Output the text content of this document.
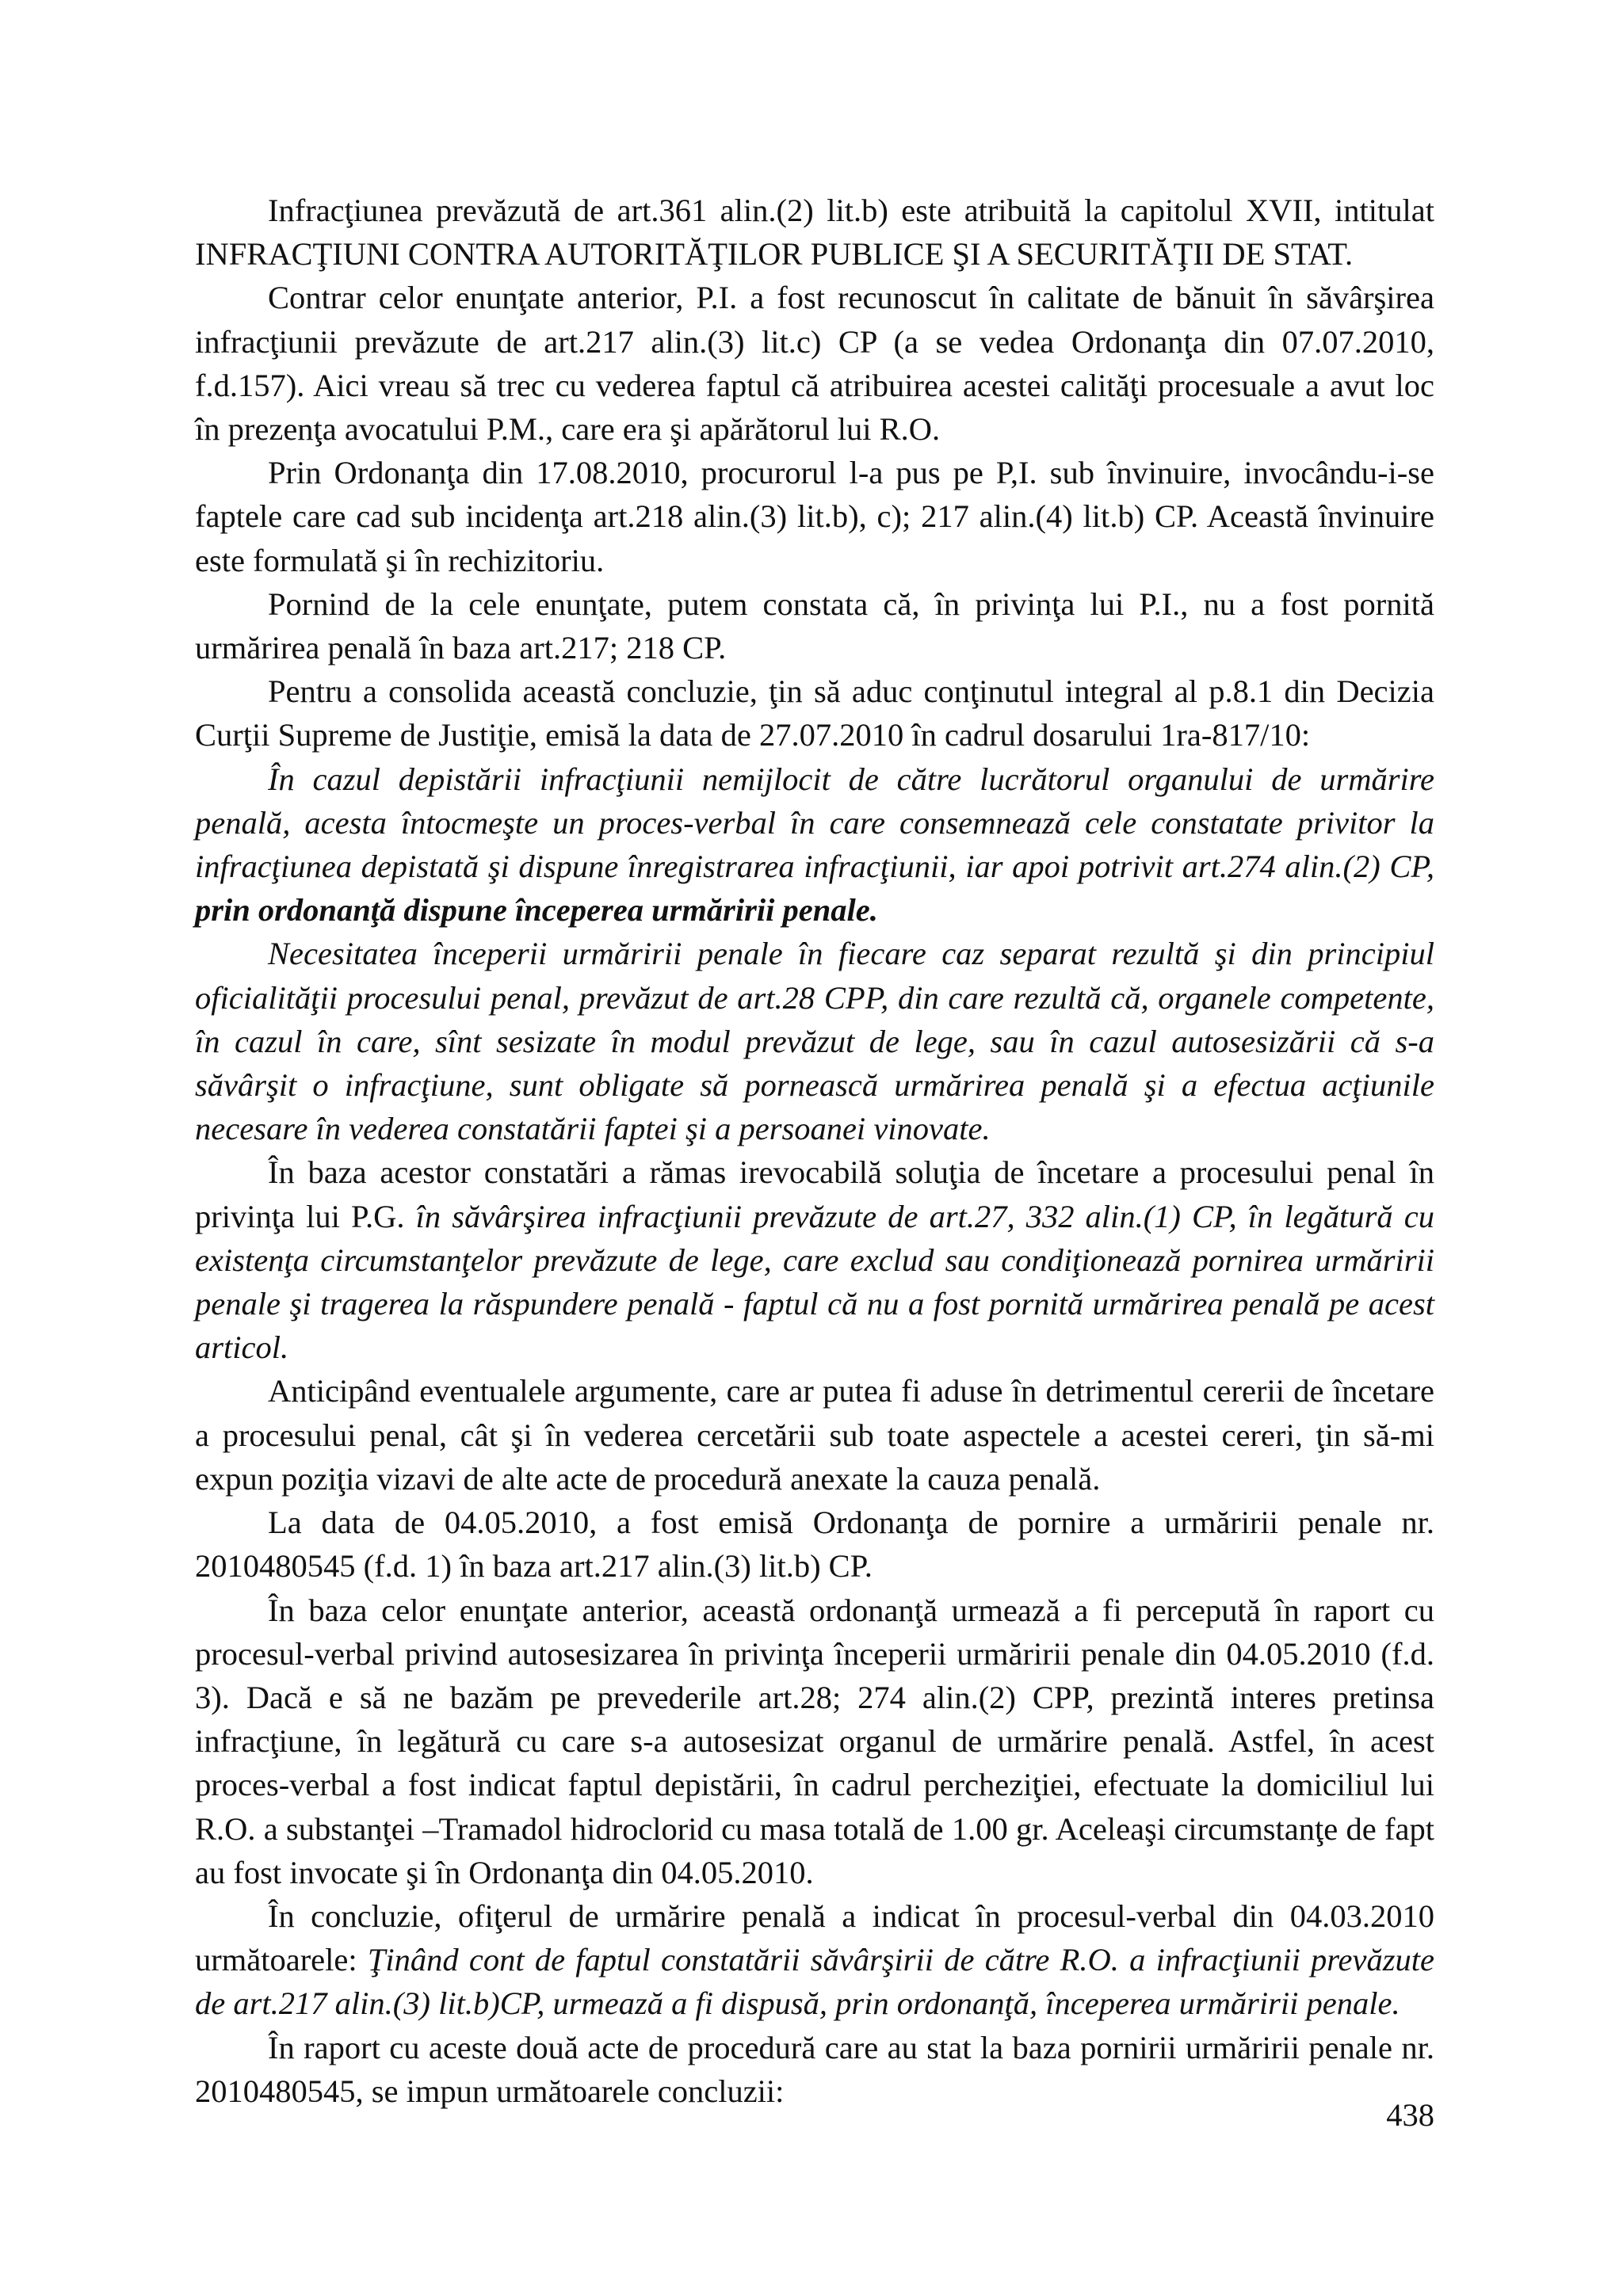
Infracţiunea prevăzută de art.361 alin.(2) lit.b) este atribuită la capitolul XVII, intitulat INFRACŢIUNI CONTRA AUTORITĂŢILOR PUBLICE ŞI A SECURITĂŢII DE STAT.

Contrar celor enunţate anterior, P.I. a fost recunoscut în calitate de bănuit în săvârşirea infracţiunii prevăzute de art.217 alin.(3) lit.c) CP (a se vedea Ordonanţa din 07.07.2010, f.d.157). Aici vreau să trec cu vederea faptul că atribuirea acestei calităţi procesuale a avut loc în prezenţa avocatului P.M., care era şi apărătorul lui R.O.

Prin Ordonanţa din 17.08.2010, procurorul l-a pus pe P,I. sub învinuire, invocându-i-se faptele care cad sub incidenţa art.218 alin.(3) lit.b), c); 217 alin.(4) lit.b) CP. Această învinuire este formulată şi în rechizitoriu.

Pornind de la cele enunţate, putem constata că, în privinţa lui P.I., nu a fost pornită urmărirea penală în baza art.217; 218 CP.

Pentru a consolida această concluzie, ţin să aduc conţinutul integral al p.8.1 din Decizia Curţii Supreme de Justiţie, emisă la data de 27.07.2010 în cadrul dosarului 1ra-817/10:

În cazul depistării infracţiunii nemijlocit de către lucrătorul organului de urmărire penală, acesta întocmeşte un proces-verbal în care consemnează cele constatate privitor la infracţiunea depistată şi dispune înregistrarea infracţiunii, iar apoi potrivit art.274 alin.(2) CP, prin ordonanţă dispune începerea urmăririi penale.

Necesitatea începerii urmăririi penale în fiecare caz separat rezultă şi din principiul oficialităţii procesului penal, prevăzut de art.28 CPP, din care rezultă că, organele competente, în cazul în care, sînt sesizate în modul prevăzut de lege, sau în cazul autosesizării că s-a săvârşit o infracţiune, sunt obligate să pornească urmărirea penală şi a efectua acţiunile necesare în vederea constatării faptei şi a persoanei vinovate.

În baza acestor constatări a rămas irevocabilă soluţia de încetare a procesului penal în privinţa lui P.G. în săvârşirea infracţiunii prevăzute de art.27, 332 alin.(1) CP, în legătură cu existenţa circumstanţelor prevăzute de lege, care exclud sau condiţionează pornirea urmăririi penale şi tragerea la răspundere penală - faptul că nu a fost pornită urmărirea penală pe acest articol.

Anticipând eventualele argumente, care ar putea fi aduse în detrimentul cererii de încetare a procesului penal, cât şi în vederea cercetării sub toate aspectele a acestei cereri, ţin să-mi expun poziţia vizavi de alte acte de procedură anexate la cauza penală.

La data de 04.05.2010, a fost emisă Ordonanţa de pornire a urmăririi penale nr. 2010480545 (f.d. 1) în baza art.217 alin.(3) lit.b) CP.

În baza celor enunţate anterior, această ordonanţă urmează a fi percepută în raport cu procesul-verbal privind autosesizarea în privinţa începerii urmăririi penale din 04.05.2010 (f.d. 3). Dacă e să ne bazăm pe prevederile art.28; 274 alin.(2) CPP, prezintă interes pretinsa infracţiune, în legătură cu care s-a autosesizat organul de urmărire penală. Astfel, în acest proces-verbal a fost indicat faptul depistării, în cadrul percheziţiei, efectuate la domiciliul lui R.O. a substanţei –Tramadol hidroclorid cu masa totală de 1.00 gr. Aceleaşi circumstanţe de fapt au fost invocate şi în Ordonanţa din 04.05.2010.

În concluzie, ofiţerul de urmărire penală a indicat în procesul-verbal din 04.03.2010 următoarele: Ţinând cont de faptul constatării săvârşirii de către R.O. a infracţiunii prevăzute de art.217 alin.(3) lit.b)CP, urmează a fi dispusă, prin ordonanţă, începerea urmăririi penale.

În raport cu aceste două acte de procedură care au stat la baza pornirii urmăririi penale nr. 2010480545, se impun următoarele concluzii:

438
